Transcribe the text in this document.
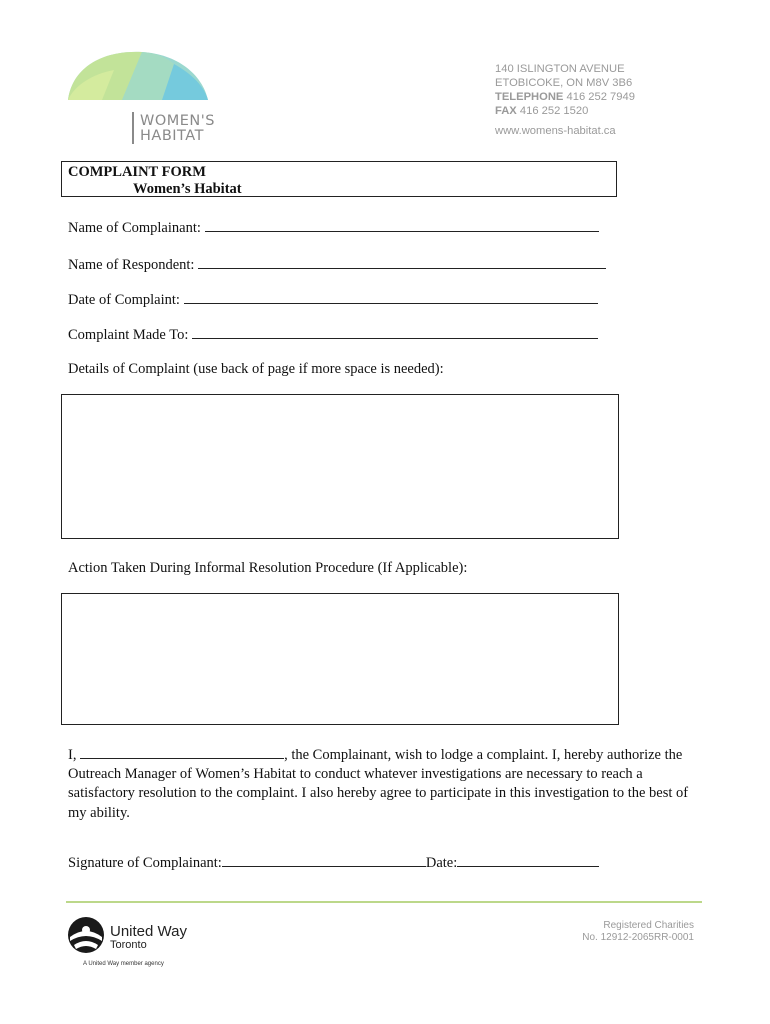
WOMEN'S
HABITAT
140 ISLINGTON AVENUE
ETOBICOKE, ON M8V 3B6
TELEPHONE 416 252 7949
FAX 416 252 1520
www.womens-habitat.ca
COMPLAINT FORM
Women’s Habitat
Name of Complainant:
Name of Respondent:
Date of Complaint:
Complaint Made To:
Details of Complaint (use back of page if more space is needed):
Action Taken During Informal Resolution Procedure (If Applicable):
I,	, the Complainant, wish to lodge a complaint. I, hereby authorize the Outreach Manager of Women’s Habitat to conduct whatever investigations are necessary to reach a satisfactory resolution to the complaint. I also hereby agree to participate in this investigation to the best of my ability.
Signature of Complainant:	Date:
United Way
Toronto
A United Way member agency
Registered Charities
No. 12912-2065RR-0001
